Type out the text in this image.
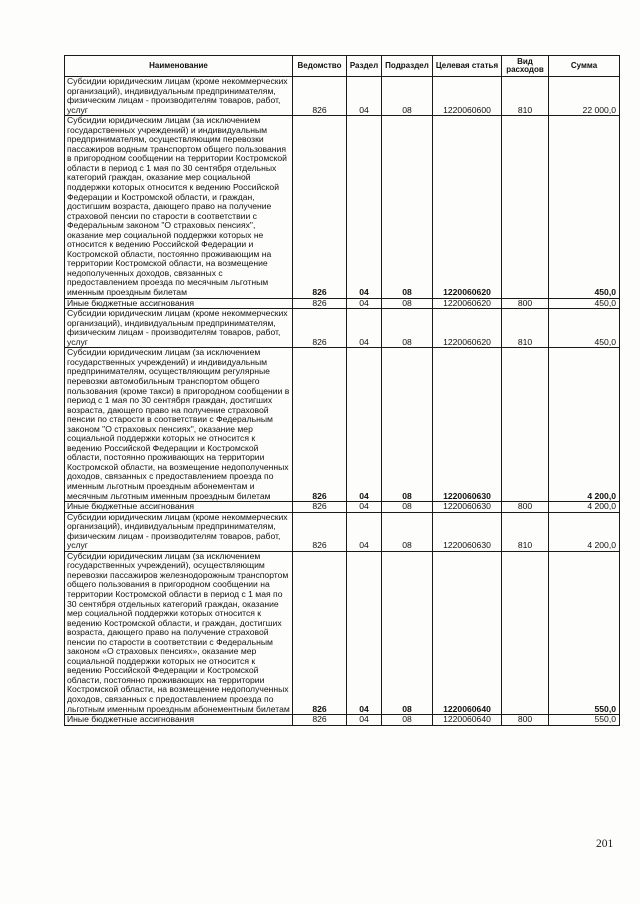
Наименование	Ведомство	Раздел	Подраздел	Целевая статья	Вид расходов	Сумма
Субсидии юридическим лицам (кроме некоммерческих организаций), индивидуальным предпринимателям, физическим лицам - производителям товаров, работ, услуг	826	04	08	1220060600	810	22 000,0
Субсидии юридическим лицам (за исключением государственных учреждений) и индивидуальным предпринимателям, осуществляющим перевозки пассажиров водным транспортом общего пользования в пригородном сообщении на территории Костромской области в период с 1 мая по 30 сентября отдельных категорий граждан, оказание мер социальной поддержки которых относится к ведению Российской Федерации и Костромской области, и граждан, достигшим возраста, дающего право на получение страховой пенсии по старости в соответствии с Федеральным законом "О страховых пенсиях", оказание мер социальной поддержки которых не относится к ведению Российской Федерации и Костромской области, постоянно проживающим на территории Костромской области, на возмещение недополученных доходов, связанных с предоставлением проезда по месячным льготным именным проездным билетам	826	04	08	1220060620		450,0
Иные бюджетные ассигнования	826	04	08	1220060620	800	450,0
Субсидии юридическим лицам (кроме некоммерческих организаций), индивидуальным предпринимателям, физическим лицам - производителям товаров, работ, услуг	826	04	08	1220060620	810	450,0
Субсидии юридическим лицам (за исключением государственных учреждений) и индивидуальным предпринимателям, осуществляющим регулярные перевозки автомобильным транспортом общего пользования (кроме такси) в пригородном сообщении в период с 1 мая по 30 сентября граждан, достигших возраста, дающего право на получение страховой пенсии по старости в соответствии с Федеральным законом "О страховых пенсиях", оказание мер социальной поддержки которых не относится к ведению Российской Федерации и Костромской области, постоянно проживающих на территории Костромской области, на возмещение недополученных доходов, связанных с предоставлением проезда по именным льготным проездным абонементам и месячным льготным именным проездным билетам	826	04	08	1220060630		4 200,0
Иные бюджетные ассигнования	826	04	08	1220060630	800	4 200,0
Субсидии юридическим лицам (кроме некоммерческих организаций), индивидуальным предпринимателям, физическим лицам - производителям товаров, работ, услуг	826	04	08	1220060630	810	4 200,0
Субсидии юридическим лицам (за исключением государственных учреждений), осуществляющим перевозки пассажиров железнодорожным транспортом общего пользования в пригородном сообщении на территории Костромской области в период с 1 мая по 30 сентября отдельных категорий граждан, оказание мер социальной поддержки которых относится к ведению Костромской области, и граждан, достигших возраста, дающего право на получение страховой пенсии по старости в соответствии с Федеральным законом «О страховых пенсиях», оказание мер социальной поддержки которых не относится к ведению Российской Федерации и Костромской области, постоянно проживающих на территории Костромской области, на возмещение недополученных доходов, связанных с предоставлением проезда по льготным именным проездным абонементным билетам	826	04	08	1220060640		550,0
Иные бюджетные ассигнования	826	04	08	1220060640	800	550,0
201
